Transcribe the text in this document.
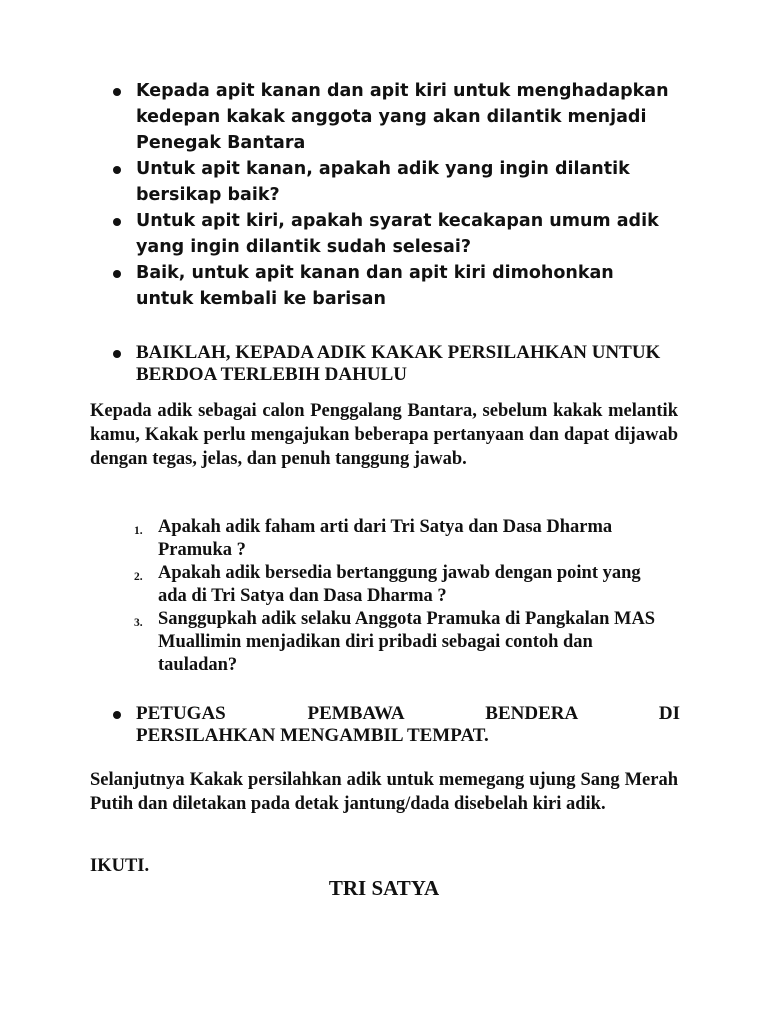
Kepada apit kanan dan apit kiri untuk menghadapkan kedepan kakak anggota yang akan dilantik menjadi Penegak Bantara
Untuk apit kanan, apakah adik yang ingin dilantik bersikap baik?
Untuk apit kiri, apakah syarat kecakapan umum adik yang ingin dilantik sudah selesai?
Baik, untuk apit kanan dan apit kiri dimohonkan untuk kembali ke barisan
BAIKLAH, KEPADA ADIK KAKAK PERSILAHKAN UNTUK BERDOA TERLEBIH DAHULU

Kepada adik sebagai calon Penggalang Bantara, sebelum kakak melantik kamu, Kakak perlu mengajukan beberapa pertanyaan dan dapat dijawab dengan tegas, jelas, dan penuh tanggung jawab.

1. Apakah adik faham arti dari Tri Satya dan Dasa Dharma Pramuka ?
2. Apakah adik bersedia bertanggung jawab dengan point yang ada di Tri Satya dan Dasa Dharma ?
3. Sanggupkah adik selaku Anggota Pramuka di Pangkalan MAS Muallimin menjadikan diri pribadi sebagai contoh dan tauladan?
PETUGAS PEMBAWA BENDERA DI
PERSILAHKAN MENGAMBIL TEMPAT.

Selanjutnya Kakak persilahkan adik untuk memegang ujung Sang Merah Putih dan diletakan pada detak jantung/dada disebelah kiri adik.

IKUTI.
TRI SATYA
